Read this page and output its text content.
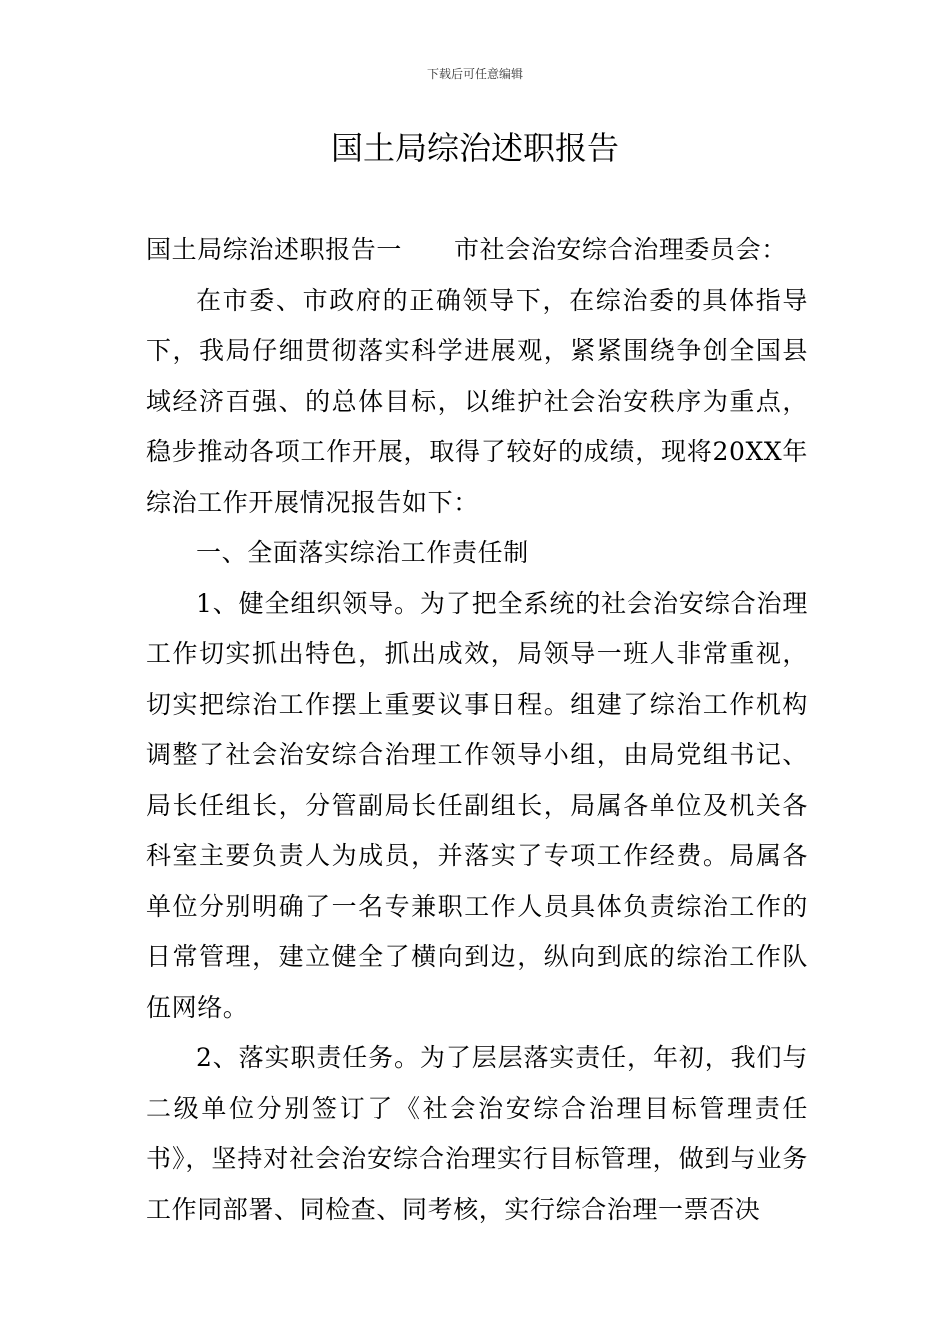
下载后可任意编辑
国土局综治述职报告

国土局综治述职报告一 市社会治安综合治理委员会：

在市委、市政府的正确领导下，在综治委的具体指导下，我局仔细贯彻落实科学进展观，紧紧围绕争创全国县域经济百强、的总体目标，以维护社会治安秩序为重点，稳步推动各项工作开展，取得了较好的成绩，现将20XX年综治工作开展情况报告如下：

一、全面落实综治工作责任制

1、健全组织领导。为了把全系统的社会治安综合治理工作切实抓出特色，抓出成效，局领导一班人非常重视，切实把综治工作摆上重要议事日程。组建了综治工作机构调整了社会治安综合治理工作领导小组，由局党组书记、局长任组长，分管副局长任副组长，局属各单位及机关各科室主要负责人为成员，并落实了专项工作经费。局属各单位分别明确了一名专兼职工作人员具体负责综治工作的日常管理，建立健全了横向到边，纵向到底的综治工作队伍网络。

2、落实职责任务。为了层层落实责任，年初，我们与二级单位分别签订了《社会治安综合治理目标管理责任书》，坚持对社会治安综合治理实行目标管理，做到与业务工作同部署、同检查、同考核，实行综合治理一票否决
